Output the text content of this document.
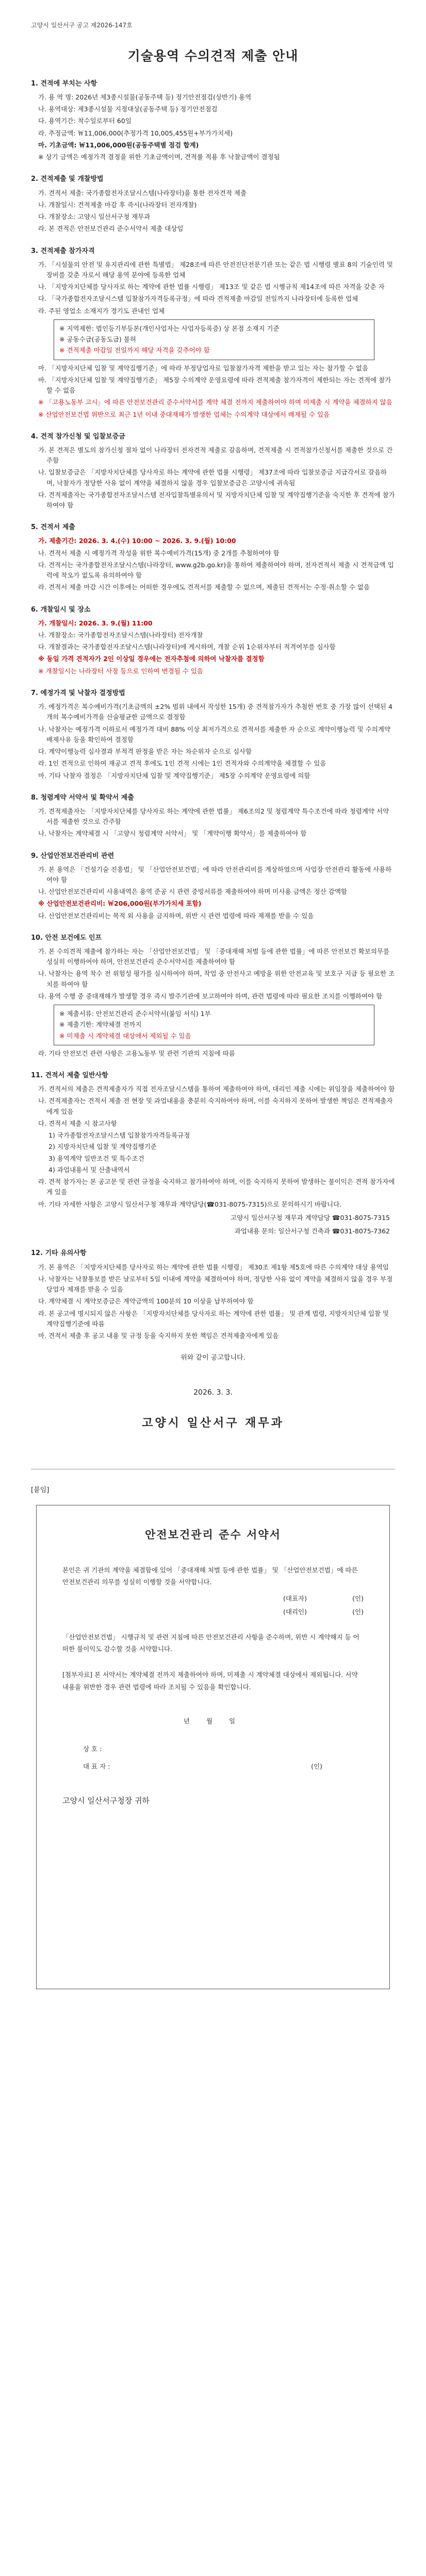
고양시 일산서구 공고 제2026-147호
기술용역 수의견적 제출 안내
1. 견적에 부치는 사항
가. 용 역 명: 2026년 제3종시설물(공동주택 등) 정기안전점검(상반기) 용역
나. 용역대상: 제3종시설물 지정대상(공동주택 등) 정기안전점검
다. 용역기간: 착수일로부터 60일
라. 추정금액: ￦11,006,000(추정가격 10,005,455원+부가가치세)
마. 기초금액: ￦11,006,000원(공동주택별 점검 합계)
※ 상기 금액은 예정가격 결정을 위한 기초금액이며, 견적률 적용 후 낙찰금액이 결정됨
2. 견적제출 및 개찰방법
가. 견적서 제출: 국가종합전자조달시스템(나라장터)을 통한 전자견적 제출
나. 개찰일시: 견적제출 마감 후 즉시(나라장터 전자개찰)
다. 개찰장소: 고양시 일산서구청 재무과
라. 본 견적은 안전보건관리 준수서약서 제출 대상임
3. 견적제출 참가자격
가. 「시설물의 안전 및 유지관리에 관한 특별법」 제28조에 따른 안전진단전문기관 또는 같은 법 시행령 별표 8의 기술인력 및 장비를 갖춘 자로서 해당 용역 분야에 등록한 업체
나. 「지방자치단체를 당사자로 하는 계약에 관한 법률 시행령」 제13조 및 같은 법 시행규칙 제14조에 따른 자격을 갖춘 자
다. 「국가종합전자조달시스템 입찰참가자격등록규정」에 따라 견적제출 마감일 전일까지 나라장터에 등록한 업체
라. 주된 영업소 소재지가 경기도 관내인 업체
※ 지역제한: 법인등기부등본(개인사업자는 사업자등록증) 상 본점 소재지 기준
※ 공동수급(공동도급) 불허
※ 견적제출 마감일 전일까지 해당 자격을 갖추어야 함
마. 「지방자치단체 입찰 및 계약집행기준」에 따라 부정당업자로 입찰참가자격 제한을 받고 있는 자는 참가할 수 없음
바. 「지방자치단체 입찰 및 계약집행기준」 제5장 수의계약 운영요령에 따라 견적제출 참가자격이 제한되는 자는 견적에 참가할 수 없음
※ 「고용노동부 고시」에 따른 안전보건관리 준수서약서를 계약 체결 전까지 제출하여야 하며 미제출 시 계약을 체결하지 않음
※ 산업안전보건법 위반으로 최근 1년 이내 중대재해가 발생한 업체는 수의계약 대상에서 배제될 수 있음
4. 견적 참가신청 및 입찰보증금
가. 본 견적은 별도의 참가신청 절차 없이 나라장터 전자견적 제출로 갈음하며, 견적제출 시 견적참가신청서를 제출한 것으로 간주함
나. 입찰보증금은 「지방자치단체를 당사자로 하는 계약에 관한 법률 시행령」 제37조에 따라 입찰보증금 지급각서로 갈음하며, 낙찰자가 정당한 사유 없이 계약을 체결하지 않을 경우 입찰보증금은 고양시에 귀속됨
다. 견적제출자는 국가종합전자조달시스템 전자입찰특별유의서 및 지방자치단체 입찰 및 계약집행기준을 숙지한 후 견적에 참가하여야 함
5. 견적서 제출
가. 제출기간: 2026. 3. 4.(수) 10:00 ~ 2026. 3. 9.(월) 10:00
나. 견적서 제출 시 예정가격 작성을 위한 복수예비가격(15개) 중 2개를 추첨하여야 함
다. 견적서는 국가종합전자조달시스템(나라장터, www.g2b.go.kr)을 통하여 제출하여야 하며, 전자견적서 제출 시 견적금액 입력에 착오가 없도록 유의하여야 함
라. 견적서 제출 마감 시간 이후에는 어떠한 경우에도 견적서를 제출할 수 없으며, 제출된 견적서는 수정·취소할 수 없음
6. 개찰일시 및 장소
가. 개찰일시: 2026. 3. 9.(월) 11:00
나. 개찰장소: 국가종합전자조달시스템(나라장터) 전자개찰
다. 개찰결과는 국가종합전자조달시스템(나라장터)에 게시하며, 개찰 순위 1순위자부터 적격여부를 심사함
※ 동일 가격 견적자가 2인 이상일 경우에는 전자추첨에 의하여 낙찰자를 결정함
※ 개찰일시는 나라장터 사정 등으로 인하여 변경될 수 있음
7. 예정가격 및 낙찰자 결정방법
가. 예정가격은 복수예비가격(기초금액의 ±2% 범위 내에서 작성한 15개) 중 견적참가자가 추첨한 번호 중 가장 많이 선택된 4개의 복수예비가격을 산술평균한 금액으로 결정함
나. 낙찰자는 예정가격 이하로서 예정가격 대비 88% 이상 최저가격으로 견적서를 제출한 자 순으로 계약이행능력 및 수의계약 배제사유 등을 확인하여 결정함
다. 계약이행능력 심사결과 부적격 판정을 받은 자는 차순위자 순으로 심사함
라. 1인 견적으로 인하여 재공고 견적 후에도 1인 견적 시에는 1인 견적자와 수의계약을 체결할 수 있음
마. 기타 낙찰자 결정은 「지방자치단체 입찰 및 계약집행기준」 제5장 수의계약 운영요령에 의함
8. 청렴계약 서약서 및 확약서 제출
가. 견적제출자는 「지방자치단체를 당사자로 하는 계약에 관한 법률」 제6조의2 및 청렴계약 특수조건에 따라 청렴계약 서약서를 제출한 것으로 간주함
나. 낙찰자는 계약체결 시 「고양시 청렴계약 서약서」 및 「계약이행 확약서」를 제출하여야 함
9. 산업안전보건관리비 관련
가. 본 용역은 「건설기술 진흥법」 및 「산업안전보건법」에 따라 안전관리비를 계상하였으며 사업장 안전관리 활동에 사용하여야 함
나. 산업안전보건관리비 사용내역은 용역 준공 시 관련 증빙서류를 제출하여야 하며 미사용 금액은 정산 감액함
※ 산업안전보건관리비: ￦206,000원(부가가치세 포함)
다. 산업안전보건관리비는 목적 외 사용을 금지하며, 위반 시 관련 법령에 따라 제재를 받을 수 있음
10. 안전 보건에도 인프
가. 본 수의견적 제출에 참가하는 자는 「산업안전보건법」 및 「중대재해 처벌 등에 관한 법률」에 따른 안전보건 확보의무를 성실히 이행하여야 하며, 안전보건관리 준수서약서를 제출하여야 함
나. 낙찰자는 용역 착수 전 위험성 평가를 실시하여야 하며, 작업 중 안전사고 예방을 위한 안전교육 및 보호구 지급 등 필요한 조치를 하여야 함
다. 용역 수행 중 중대재해가 발생할 경우 즉시 발주기관에 보고하여야 하며, 관련 법령에 따라 필요한 조치를 이행하여야 함
※ 제출서류: 안전보건관리 준수서약서(붙임 서식) 1부
※ 제출기한: 계약체결 전까지
※ 미제출 시 계약체결 대상에서 제외될 수 있음
라. 기타 안전보건 관련 사항은 고용노동부 및 관련 기관의 지침에 따름
11. 견적서 제출 일반사항
가. 견적서의 제출은 견적제출자가 직접 전자조달시스템을 통하여 제출하여야 하며, 대리인 제출 시에는 위임장을 제출하여야 함
나. 견적제출자는 견적서 제출 전 현장 및 과업내용을 충분히 숙지하여야 하며, 이를 숙지하지 못하여 발생한 책임은 견적제출자에게 있음
다. 견적서 제출 시 참고사항
1) 국가종합전자조달시스템 입찰참가자격등록규정
2) 지방자치단체 입찰 및 계약집행기준
3) 용역계약 일반조건 및 특수조건
4) 과업내용서 및 산출내역서
라. 견적 참가자는 본 공고문 및 관련 규정을 숙지하고 참가하여야 하며, 이를 숙지하지 못하여 발생하는 불이익은 견적 참가자에게 있음
마. 기타 자세한 사항은 고양시 일산서구청 재무과 계약담당(☎031-8075-7315)으로 문의하시기 바랍니다.
고양시 일산서구청 재무과 계약담당 ☎031-8075-7315
과업내용 문의: 일산서구청 건축과 ☎031-8075-7362
12. 기타 유의사항
가. 본 용역은 「지방자치단체를 당사자로 하는 계약에 관한 법률 시행령」 제30조 제1항 제5호에 따른 수의계약 대상 용역임
나. 낙찰자는 낙찰통보를 받은 날로부터 5일 이내에 계약을 체결하여야 하며, 정당한 사유 없이 계약을 체결하지 않을 경우 부정당업자 제재를 받을 수 있음
다. 계약체결 시 계약보증금은 계약금액의 100분의 10 이상을 납부하여야 함
라. 본 공고에 명시되지 않은 사항은 「지방자치단체를 당사자로 하는 계약에 관한 법률」 및 관계 법령, 지방자치단체 입찰 및 계약집행기준에 따름
마. 견적서 제출 후 공고 내용 및 규정 등을 숙지하지 못한 책임은 견적제출자에게 있음
위와 같이 공고합니다.
2026. 3. 3.
고양시 일산서구 재무과
[붙임]
안전보건관리 준수 서약서
본인은 귀 기관의 계약을 체결함에 있어 「중대재해 처벌 등에 관한 법률」 및 「산업안전보건법」에 따른 안전보건관리 의무를 성실히 이행할 것을 서약합니다.
(대표자)	(인)
(대리인)	(인)
「산업안전보건법」 시행규칙 및 관련 지침에 따른 안전보건관리 사항을 준수하며, 위반 시 계약해지 등 어떠한 불이익도 감수할 것을 서약합니다.
[첨부자료] 본 서약서는 계약체결 전까지 제출하여야 하며, 미제출 시 계약체결 대상에서 제외됩니다. 서약 내용을 위반한 경우 관련 법령에 따라 조치될 수 있음을 확인합니다.
년 월 일
상 호 :
대 표 자 :	(인)
고양시 일산서구청장 귀하
